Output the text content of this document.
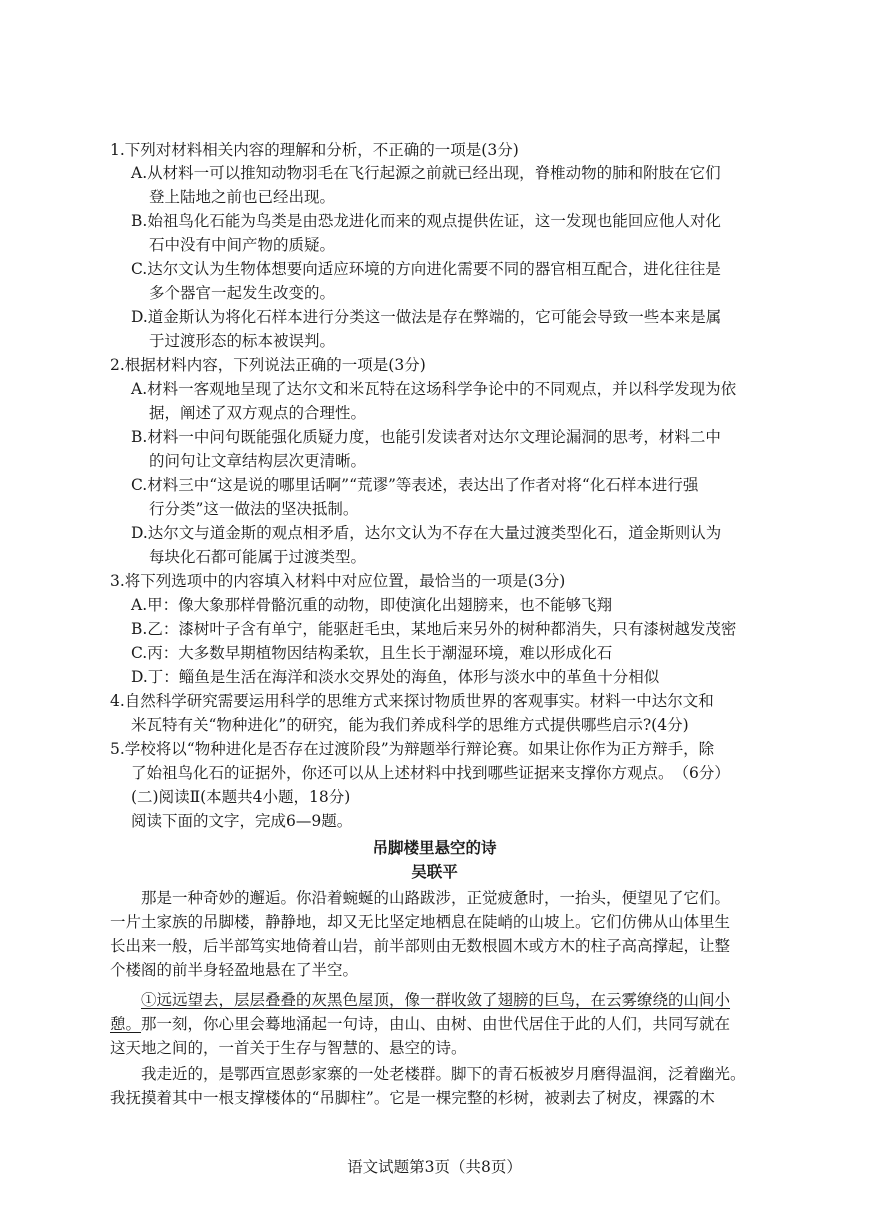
1.下列对材料相关内容的理解和分析，不正确的一项是(3分)
A.从材料一可以推知动物羽毛在飞行起源之前就已经出现，脊椎动物的肺和附肢在它们
登上陆地之前也已经出现。
B.始祖鸟化石能为鸟类是由恐龙进化而来的观点提供佐证，这一发现也能回应他人对化
石中没有中间产物的质疑。
C.达尔文认为生物体想要向适应环境的方向进化需要不同的器官相互配合，进化往往是
多个器官一起发生改变的。
D.道金斯认为将化石样本进行分类这一做法是存在弊端的，它可能会导致一些本来是属
于过渡形态的标本被误判。
2.根据材料内容，下列说法正确的一项是(3分)
A.材料一客观地呈现了达尔文和米瓦特在这场科学争论中的不同观点，并以科学发现为依
据，阐述了双方观点的合理性。
B.材料一中问句既能强化质疑力度，也能引发读者对达尔文理论漏洞的思考，材料二中
的问句让文章结构层次更清晰。
C.材料三中“这是说的哪里话啊”“荒谬”等表述，表达出了作者对将“化石样本进行强
行分类”这一做法的坚决抵制。
D.达尔文与道金斯的观点相矛盾，达尔文认为不存在大量过渡类型化石，道金斯则认为
每块化石都可能属于过渡类型。
3.将下列选项中的内容填入材料中对应位置，最恰当的一项是(3分)
A.甲：像大象那样骨骼沉重的动物，即使演化出翅膀来，也不能够飞翔
B.乙：漆树叶子含有单宁，能驱赶毛虫，某地后来另外的树种都消失，只有漆树越发茂密
C.丙：大多数早期植物因结构柔软，且生长于潮湿环境，难以形成化石
D.丁：鲻鱼是生活在海洋和淡水交界处的海鱼，体形与淡水中的革鱼十分相似
4.自然科学研究需要运用科学的思维方式来探讨物质世界的客观事实。材料一中达尔文和
米瓦特有关“物种进化”的研究，能为我们养成科学的思维方式提供哪些启示?(4分)
5.学校将以“物种进化是否存在过渡阶段”为辩题举行辩论赛。如果让你作为正方辩手，除
了始祖鸟化石的证据外，你还可以从上述材料中找到哪些证据来支撑你方观点。　（6分）
(二)阅读Ⅱ(本题共4小题，18分)
阅读下面的文字，完成6—9题。
吊脚楼里悬空的诗
吴联平
那是一种奇妙的邂逅。你沿着蜿蜒的山路跋涉，正觉疲惫时，一抬头，便望见了它们。
一片土家族的吊脚楼，静静地，却又无比坚定地栖息在陡峭的山坡上。它们仿佛从山体里生
长出来一般，后半部笃实地倚着山岩，前半部则由无数根圆木或方木的柱子高高撑起，让整
个楼阁的前半身轻盈地悬在了半空。
①远远望去，层层叠叠的灰黑色屋顶，像一群收敛了翅膀的巨鸟，在云雾缭绕的山间小
憩。那一刻，你心里会蓦地涌起一句诗，由山、由树、由世代居住于此的人们，共同写就在
这天地之间的，一首关于生存与智慧的、悬空的诗。
我走近的，是鄂西宣恩彭家寨的一处老楼群。脚下的青石板被岁月磨得温润，泛着幽光。
我抚摸着其中一根支撑楼体的“吊脚柱”。它是一棵完整的杉树，被剥去了树皮，裸露的木
语文试题第3页（共8页）
